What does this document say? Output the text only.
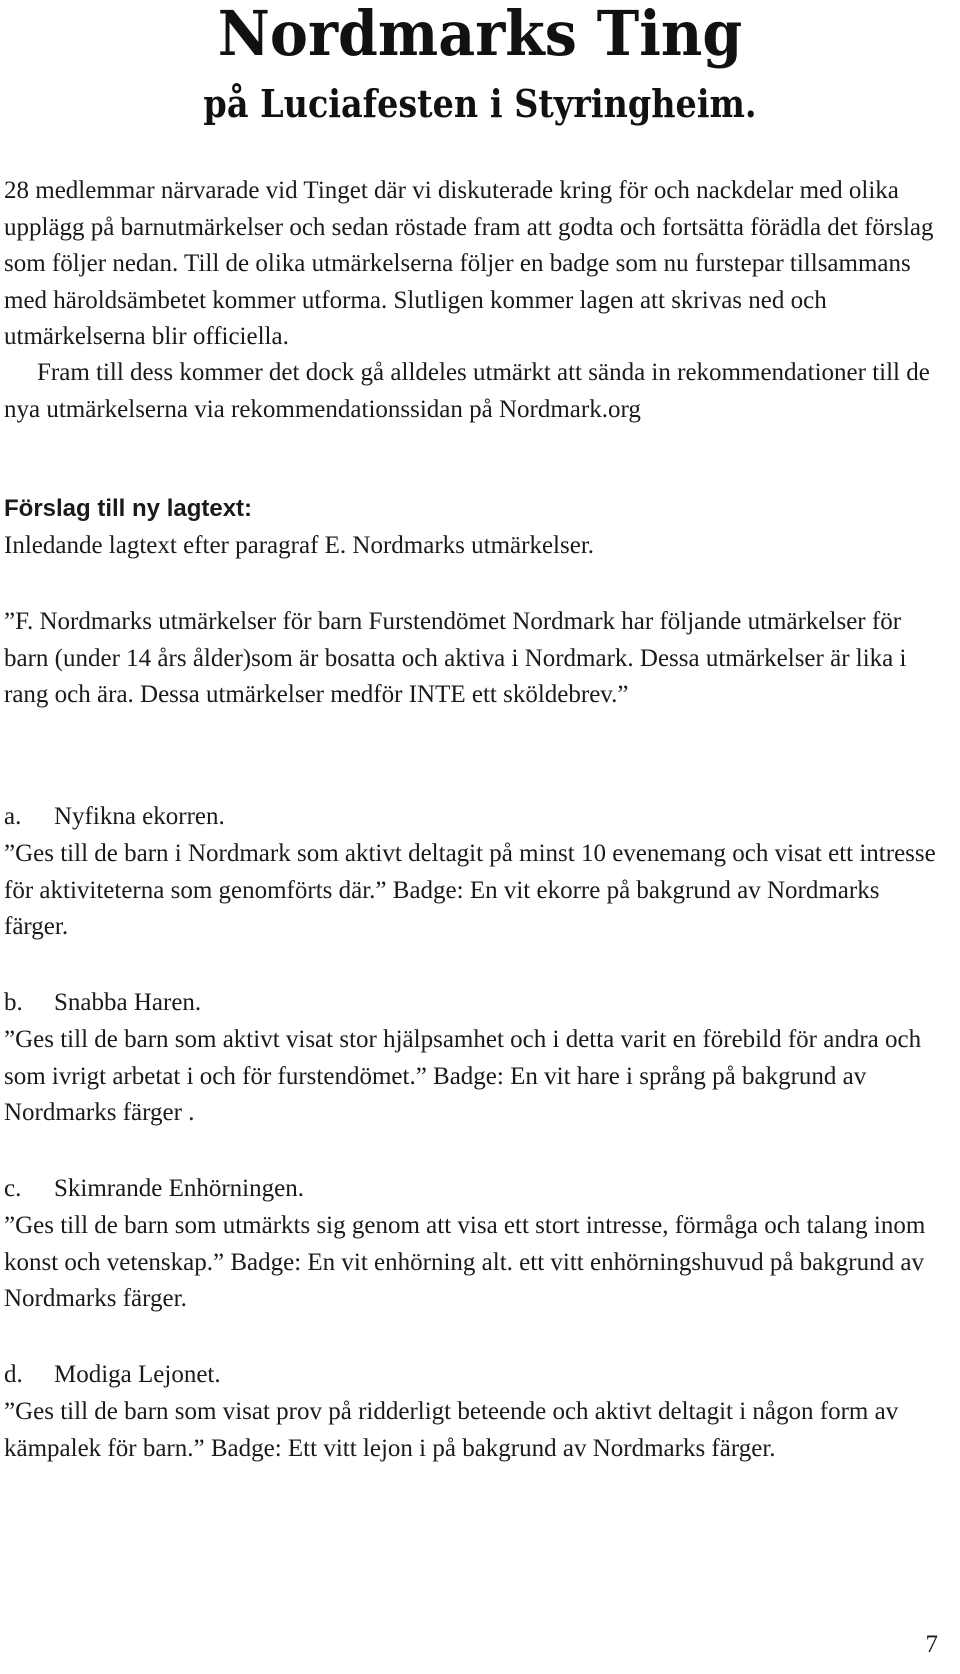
Nordmarks Ting
på Luciafesten i Styringheim.
28 medlemmar närvarade vid Tinget där vi diskuterade kring för och nackdelar med olika upplägg på barnutmärkelser och sedan röstade fram att godta och fortsätta förädla det förslag som följer nedan. Till de olika utmärkelserna följer en badge som nu furstepar tillsammans med häroldsämbetet kommer utforma. Slutligen kommer lagen att skrivas ned och utmärkelserna blir officiella.
Fram till dess kommer det dock gå alldeles utmärkt att sända in rekommendationer till de nya utmärkelserna via rekommendationssidan på Nordmark.org
Förslag till ny lagtext:
Inledande lagtext efter paragraf E. Nordmarks utmärkelser.
”F. Nordmarks utmärkelser för barn Furstendömet Nordmark har följande utmärkelser för barn (under 14 års ålder)som är bosatta och aktiva i Nordmark. Dessa utmärkelser är lika i rang och ära. Dessa utmärkelser medför INTE ett sköldebrev.”
a. Nyfikna ekorren.
”Ges till de barn i Nordmark som aktivt deltagit på minst 10 evenemang och visat ett intresse för aktiviteterna som genomförts där.” Badge: En vit ekorre på bakgrund av Nordmarks färger.
b. Snabba Haren.
”Ges till de barn som aktivt visat stor hjälpsamhet och i detta varit en förebild för andra och som ivrigt arbetat i och för furstendömet.” Badge: En vit hare i språng på bakgrund av Nordmarks färger .
c. Skimrande Enhörningen.
”Ges till de barn som utmärkts sig genom att visa ett stort intresse, förmåga och talang inom konst och vetenskap.” Badge: En vit enhörning alt. ett vitt enhörningshuvud på bakgrund av Nordmarks färger.
d. Modiga Lejonet.
”Ges till de barn som visat prov på ridderligt beteende och aktivt deltagit i någon form av kämpalek för barn.” Badge: Ett vitt lejon i på bakgrund av Nordmarks färger.
7
